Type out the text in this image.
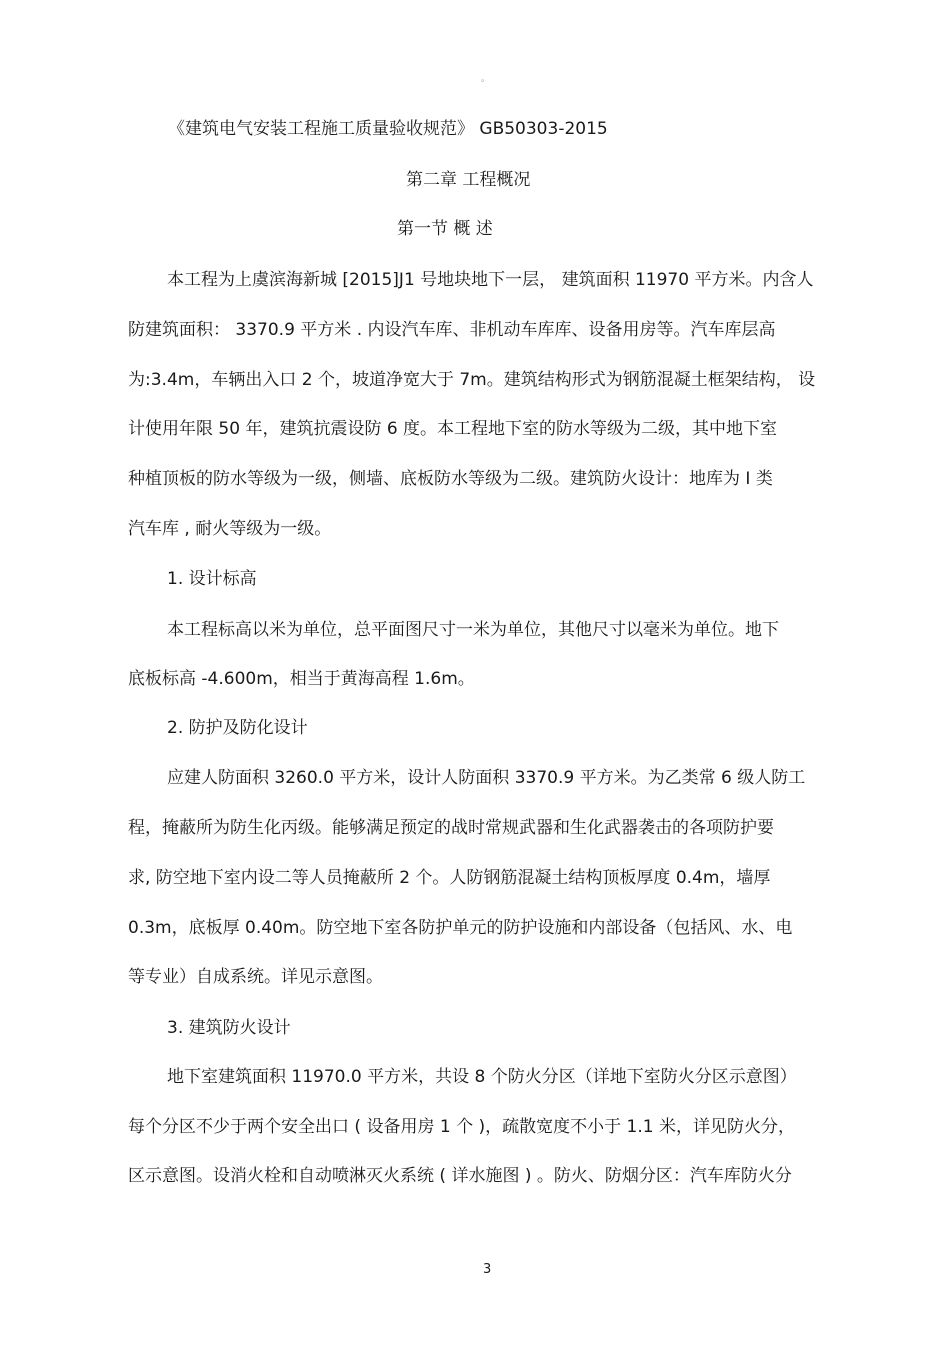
。
《建筑电气安装工程施工质量验收规范》 GB50303-2015
第二章 工程概况
第一节 概 述
本工程为上虞滨海新城 [2015]J1 号地块地下一层， 建筑面积 11970 平方米。内含人
防建筑面积： 3370.9 平方米 . 内设汽车库、非机动车库库、设备用房等。汽车库层高
为:3.4m，车辆出入口 2 个，坡道净宽大于 7m。建筑结构形式为钢筋混凝土框架结构， 设
计使用年限 50 年，建筑抗震设防 6 度。本工程地下室的防水等级为二级，其中地下室
种植顶板的防水等级为一级，侧墙、底板防水等级为二级。建筑防火设计：地库为 I 类
汽车库 , 耐火等级为一级。
1. 设计标高
本工程标高以米为单位，总平面图尺寸一米为单位，其他尺寸以毫米为单位。地下
底板标高 -4.600m，相当于黄海高程 1.6m。
2. 防护及防化设计
应建人防面积 3260.0 平方米，设计人防面积 3370.9 平方米。为乙类常 6 级人防工
程，掩蔽所为防生化丙级。能够满足预定的战时常规武器和生化武器袭击的各项防护要
求, 防空地下室内设二等人员掩蔽所 2 个。人防钢筋混凝土结构顶板厚度 0.4m，墙厚
0.3m，底板厚 0.40m。防空地下室各防护单元的防护设施和内部设备（包括风、水、电
等专业）自成系统。详见示意图。
3. 建筑防火设计
地下室建筑面积 11970.0 平方米，共设 8 个防火分区（详地下室防火分区示意图）
每个分区不少于两个安全出口 ( 设备用房 1 个 )，疏散宽度不小于 1.1 米，详见防火分，
区示意图。设消火栓和自动喷淋灭火系统 ( 详水施图 ) 。防火、防烟分区：汽车库防火分
3
